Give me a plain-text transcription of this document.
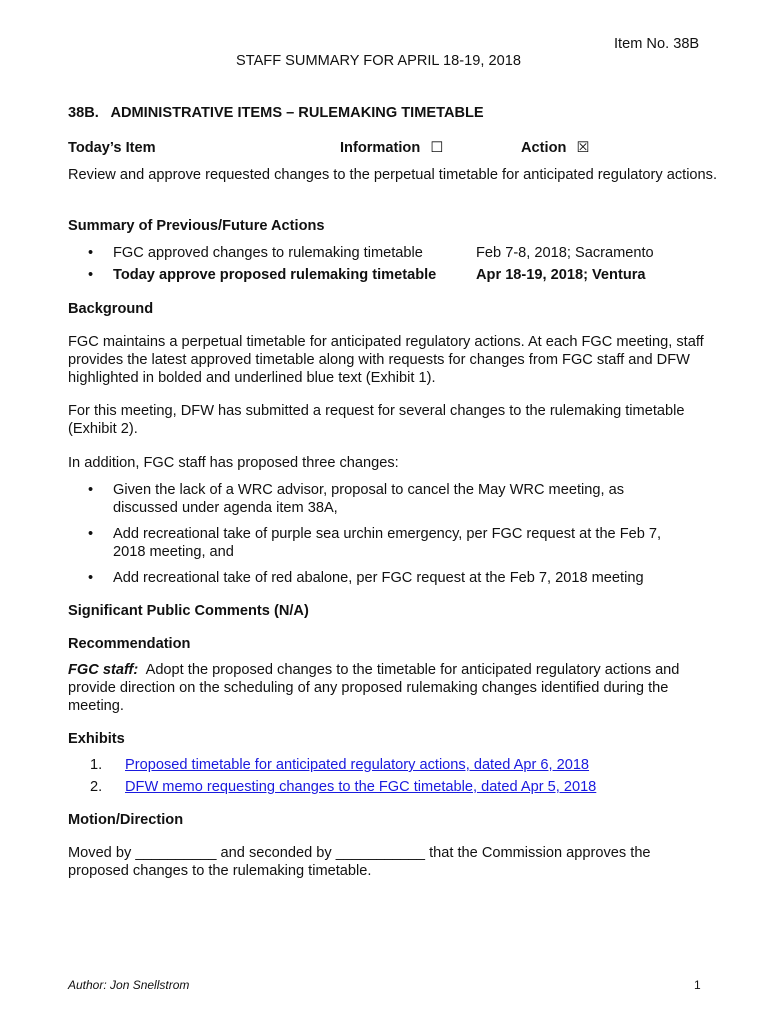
Item No. 38B
STAFF SUMMARY FOR APRIL 18-19, 2018
38B.   ADMINISTRATIVE ITEMS – RULEMAKING TIMETABLE
Today’s Item	Information ☐	Action ☒
Review and approve requested changes to the perpetual timetable for anticipated regulatory actions.
Summary of Previous/Future Actions
• FGC approved changes to rulemaking timetable	Feb 7-8, 2018; Sacramento
• Today approve proposed rulemaking timetable	Apr 18-19, 2018; Ventura
Background
FGC maintains a perpetual timetable for anticipated regulatory actions. At each FGC meeting, staff provides the latest approved timetable along with requests for changes from FGC staff and DFW highlighted in bolded and underlined blue text (Exhibit 1).
For this meeting, DFW has submitted a request for several changes to the rulemaking timetable (Exhibit 2).
In addition, FGC staff has proposed three changes:
• Given the lack of a WRC advisor, proposal to cancel the May WRC meeting, as discussed under agenda item 38A,
• Add recreational take of purple sea urchin emergency, per FGC request at the Feb 7, 2018 meeting, and
• Add recreational take of red abalone, per FGC request at the Feb 7, 2018 meeting
Significant Public Comments (N/A)
Recommendation
FGC staff:  Adopt the proposed changes to the timetable for anticipated regulatory actions and provide direction on the scheduling of any proposed rulemaking changes identified during the meeting.
Exhibits
1. Proposed timetable for anticipated regulatory actions, dated Apr 6, 2018
2. DFW memo requesting changes to the FGC timetable, dated Apr 5, 2018
Motion/Direction
Moved by __________ and seconded by ___________ that the Commission approves the proposed changes to the rulemaking timetable.
Author: Jon Snellstrom	1
